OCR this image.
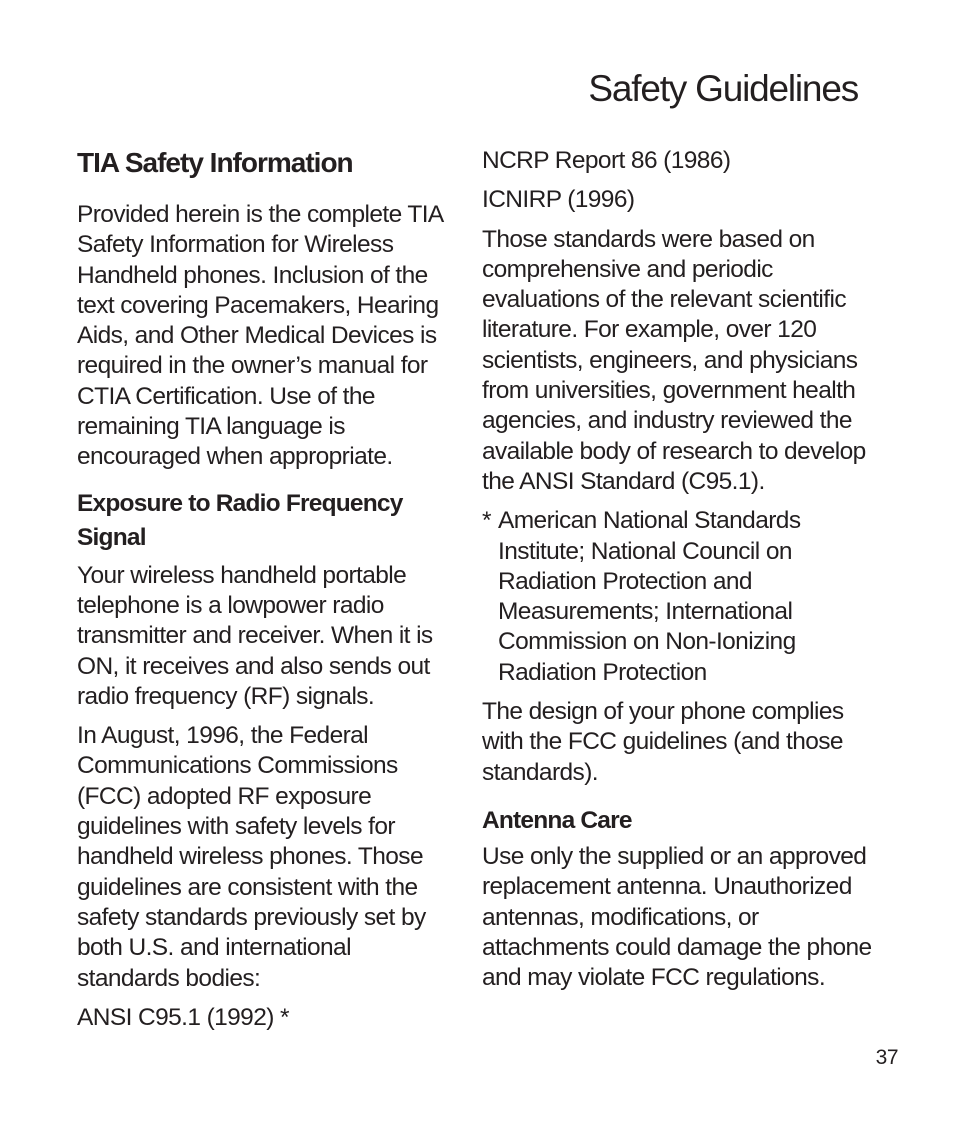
Safety Guidelines
TIA Safety Information

Provided herein is the complete TIA Safety Information for Wireless Handheld phones. Inclusion of the text covering Pacemakers, Hearing Aids, and Other Medical Devices is required in the owner’s manual for CTIA Certification. Use of the remaining TIA language is encouraged when appropriate.

Exposure to Radio Frequency Signal

Your wireless handheld portable telephone is a lowpower radio transmitter and receiver. When it is ON, it receives and also sends out radio frequency (RF) signals.

In August, 1996, the Federal Communications Commissions (FCC) adopted RF exposure guidelines with safety levels for handheld wireless phones. Those guidelines are consistent with the safety standards previously set by both U.S. and international standards bodies:

ANSI C95.1 (1992) *

NCRP Report 86 (1986)

ICNIRP (1996)

Those standards were based on comprehensive and periodic evaluations of the relevant scientific literature. For example, over 120 scientists, engineers, and physicians from universities, government health agencies, and industry reviewed the available body of research to develop the ANSI Standard (C95.1).

* American National Standards Institute; National Council on Radiation Protection and Measurements; International Commission on Non-Ionizing Radiation Protection

The design of your phone complies with the FCC guidelines (and those standards).

Antenna Care

Use only the supplied or an approved replacement antenna. Unauthorized antennas, modifications, or attachments could damage the phone and may violate FCC regulations.

37
